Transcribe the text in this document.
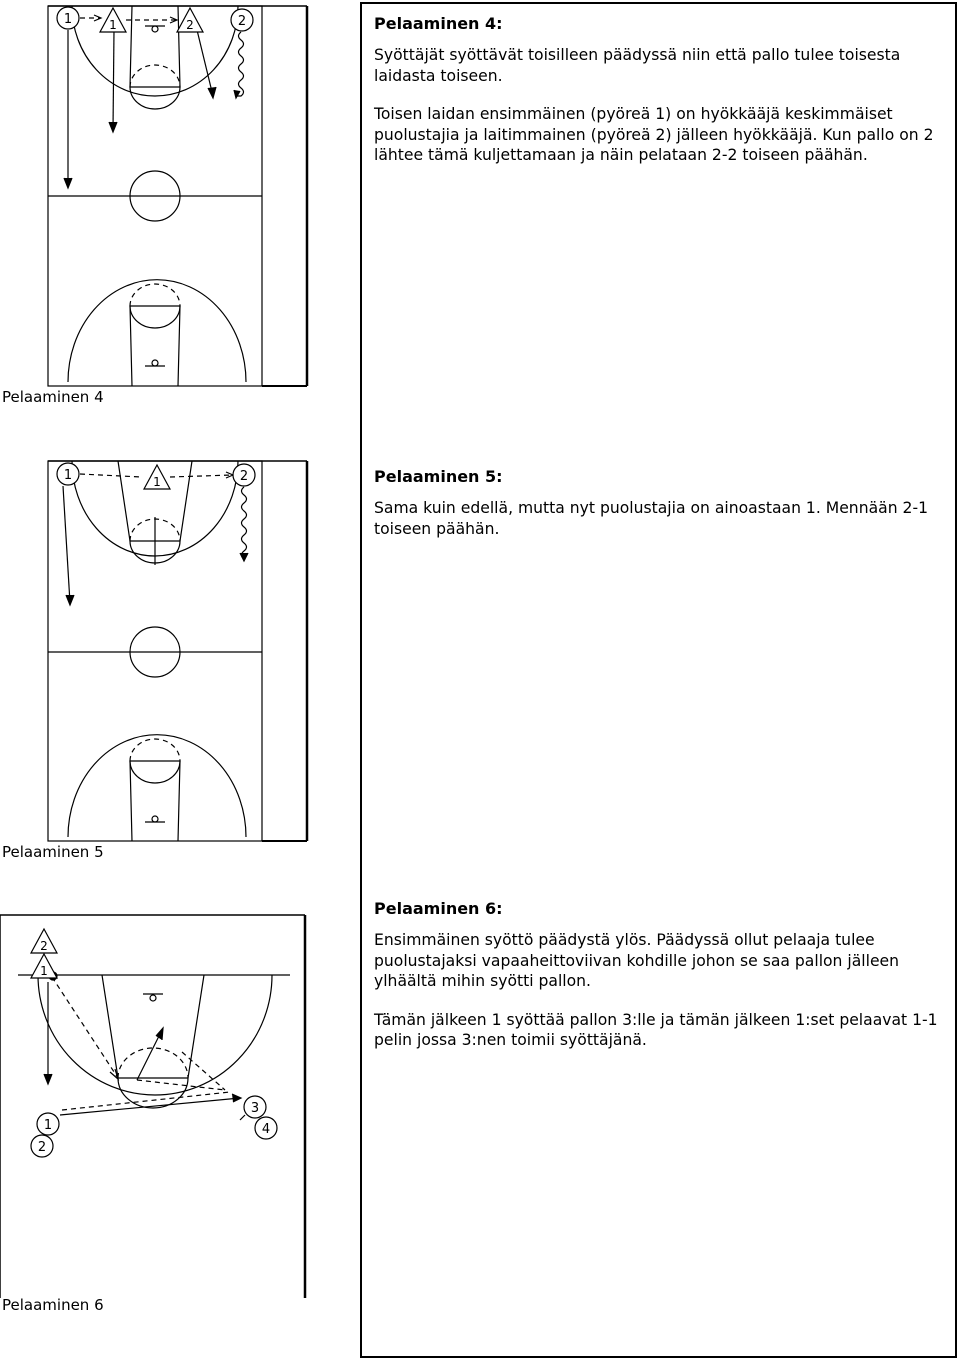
1	1	2	2
Pelaaminen 4
1	1	2
Pelaaminen 5
2
1
1
2
3
4
Pelaaminen 6
Pelaaminen 4:

Syöttäjät syöttävät toisilleen päädyssä niin että pallo tulee toisesta laidasta toiseen.

Toisen laidan ensimmäinen (pyöreä 1) on hyökkääjä keskimmäiset puolustajia ja laitimmainen (pyöreä 2) jälleen hyökkääjä. Kun pallo on 2 lähtee tämä kuljettamaan ja näin pelataan 2-2 toiseen päähän.

Pelaaminen 5:

Sama kuin edellä, mutta nyt puolustajia on ainoastaan 1. Mennään 2-1 toiseen päähän.

Pelaaminen 6:

Ensimmäinen syöttö päädystä ylös. Päädyssä ollut pelaaja tulee puolustajaksi vapaaheittoviivan kohdille johon se saa pallon jälleen ylhäältä mihin syötti pallon.

Tämän jälkeen 1 syöttää pallon 3:lle ja tämän jälkeen 1:set pelaavat 1-1 pelin jossa 3:nen toimii syöttäjänä.
